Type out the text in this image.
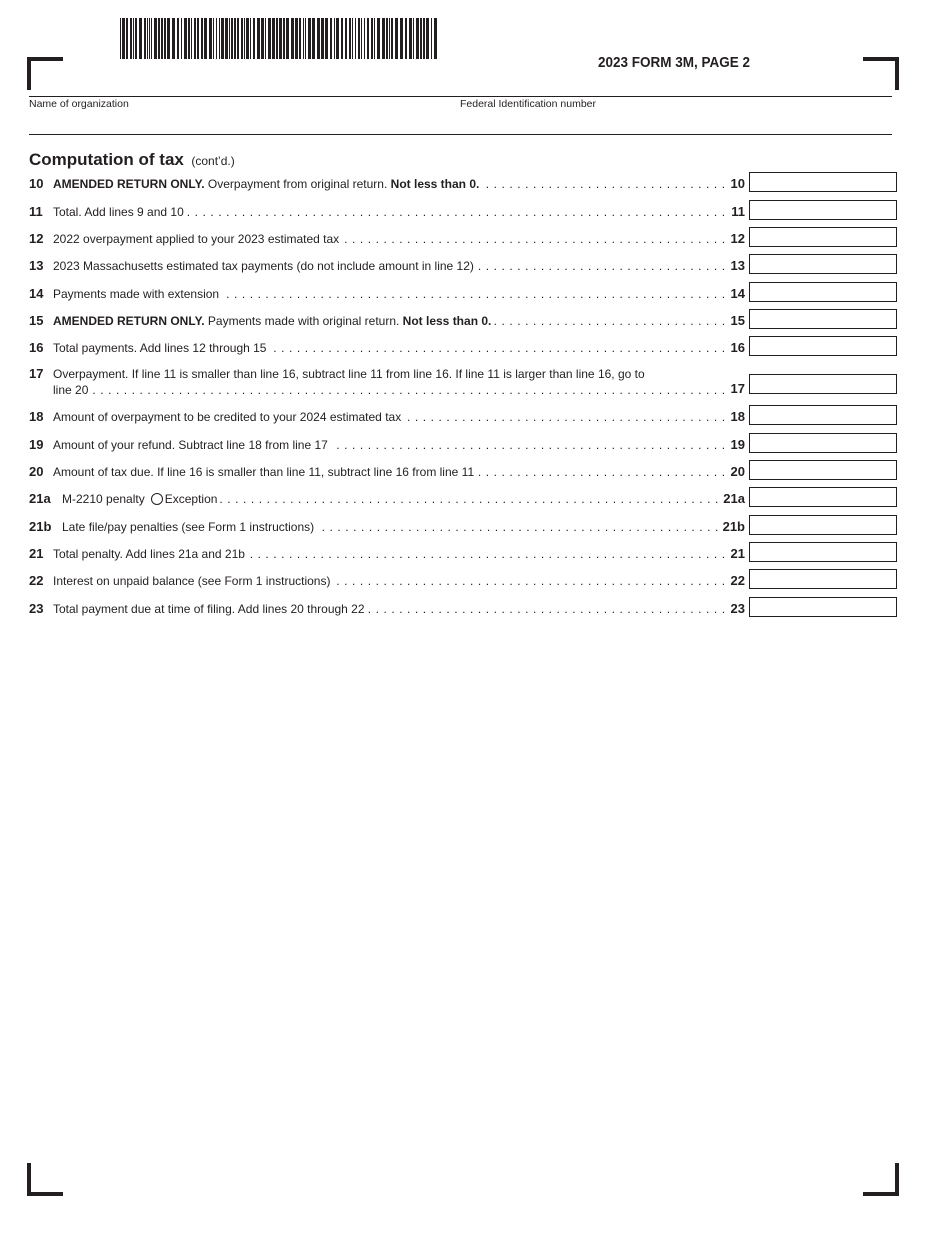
2023 FORM 3M, PAGE 2
Name of organization	Federal Identification number
Computation of tax (cont’d.)
10 AMENDED RETURN ONLY. Overpayment from original return. Not less than 0. . . .	10
11 Total. Add lines 9 and 10 . . .	11
12 2022 overpayment applied to your 2023 estimated tax . . .	12
13 2023 Massachusetts estimated tax payments (do not include amount in line 12) . . .	13
14 Payments made with extension . . .	14
15 AMENDED RETURN ONLY. Payments made with original return. Not less than 0. . . .	15
16 Total payments. Add lines 12 through 15 . . .	16
17 Overpayment. If line 11 is smaller than line 16, subtract line 11 from line 16. If line 11 is larger than line 16, go to
line 20 . . .	17
18 Amount of overpayment to be credited to your 2024 estimated tax . . .	18
19 Amount of your refund. Subtract line 18 from line 17 . . .	19
20 Amount of tax due. If line 16 is smaller than line 11, subtract line 16 from line 11 . . .	20
21a M-2210 penalty Exception . . .	21a
21b Late file/pay penalties (see Form 1 instructions) . . .	21b
21 Total penalty. Add lines 21a and 21b . . .	21
22 Interest on unpaid balance (see Form 1 instructions) . . .	22
23 Total payment due at time of filing. Add lines 20 through 22 . . .	23
